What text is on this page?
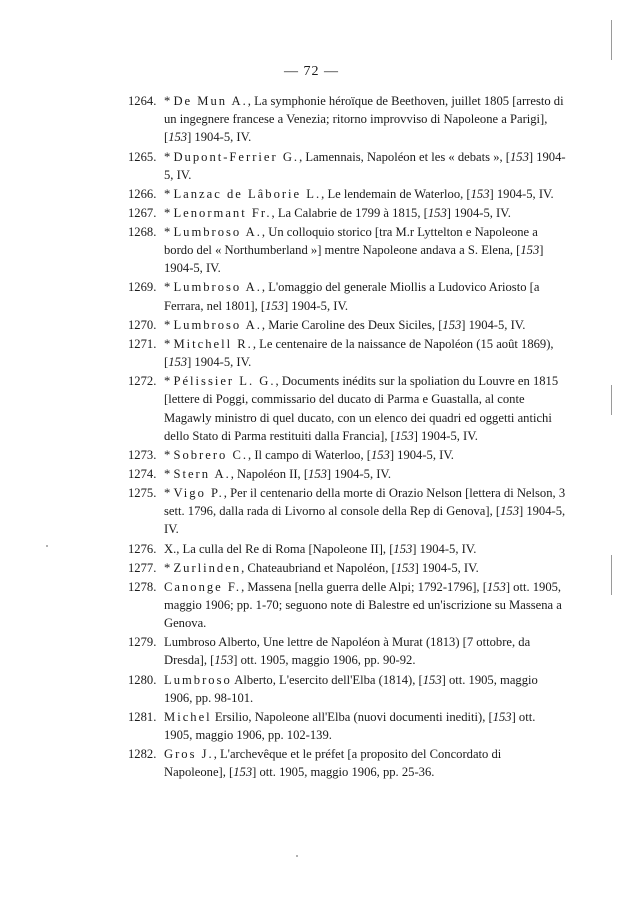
— 72 —
1264. * De Mun A., La symphonie héroïque de Beethoven, juillet 1805 [arresto di un ingegnere francese a Venezia; ritorno improvviso di Napoleone a Parigi], [153] 1904-5, IV.
1265. * Dupont-Ferrier G., Lamennais, Napoléon et les « debats », [153] 1904-5, IV.
1266. * Lanzac de Lâborie L., Le lendemain de Waterloo, [153] 1904-5, IV.
1267. * Lenormant Fr., La Calabrie de 1799 à 1815, [153] 1904-5, IV.
1268. * Lumbroso A., Un colloquio storico [tra M.r Lyttelton e Napoleone a bordo del « Northumberland »] mentre Napoleone andava a S. Elena, [153] 1904-5, IV.
1269. * Lumbroso A., L'omaggio del generale Miollis a Ludovico Ariosto [a Ferrara, nel 1801], [153] 1904-5, IV.
1270. * Lumbroso A., Marie Caroline des Deux Siciles, [153] 1904-5, IV.
1271. * Mitchell R., Le centenaire de la naissance de Napoléon (15 août 1869), [153] 1904-5, IV.
1272. * Pélissier L. G., Documents inédits sur la spoliation du Louvre en 1815 [lettere di Poggi, commissario del ducato di Parma e Guastalla, al conte Magawly ministro di quel ducato, con un elenco dei quadri ed oggetti antichi dello Stato di Parma restituiti dalla Francia], [153] 1904-5, IV.
1273. * Sobrero C., Il campo di Waterloo, [153] 1904-5, IV.
1274. * Stern A., Napoléon II, [153] 1904-5, IV.
1275. * Vigo P., Per il centenario della morte di Orazio Nelson [lettera di Nelson, 3 sett. 1796, dalla rada di Livorno al console della Rep di Genova], [153] 1904-5, IV.
1276. X., La culla del Re di Roma [Napoleone II], [153] 1904-5, IV.
1277. * Zurlinden, Chateaubriand et Napoléon, [153] 1904-5, IV.
1278. Canonge F., Massena [nella guerra delle Alpi; 1792-1796], [153] ott. 1905, maggio 1906; pp. 1-70; seguono note di Balestre ed un'iscrizione su Massena a Genova.
1279. Lumbroso Alberto, Une lettre de Napoléon à Murat (1813) [7 ottobre, da Dresda], [153] ott. 1905, maggio 1906, pp. 90-92.
1280. Lumbroso Alberto, L'esercito dell'Elba (1814), [153] ott. 1905, maggio 1906, pp. 98-101.
1281. Michel Ersilio, Napoleone all'Elba (nuovi documenti inediti), [153] ott. 1905, maggio 1906, pp. 102-139.
1282. Gros J., L'archevêque et le préfet [a proposito del Concordato di Napoleone], [153] ott. 1905, maggio 1906, pp. 25-36.
